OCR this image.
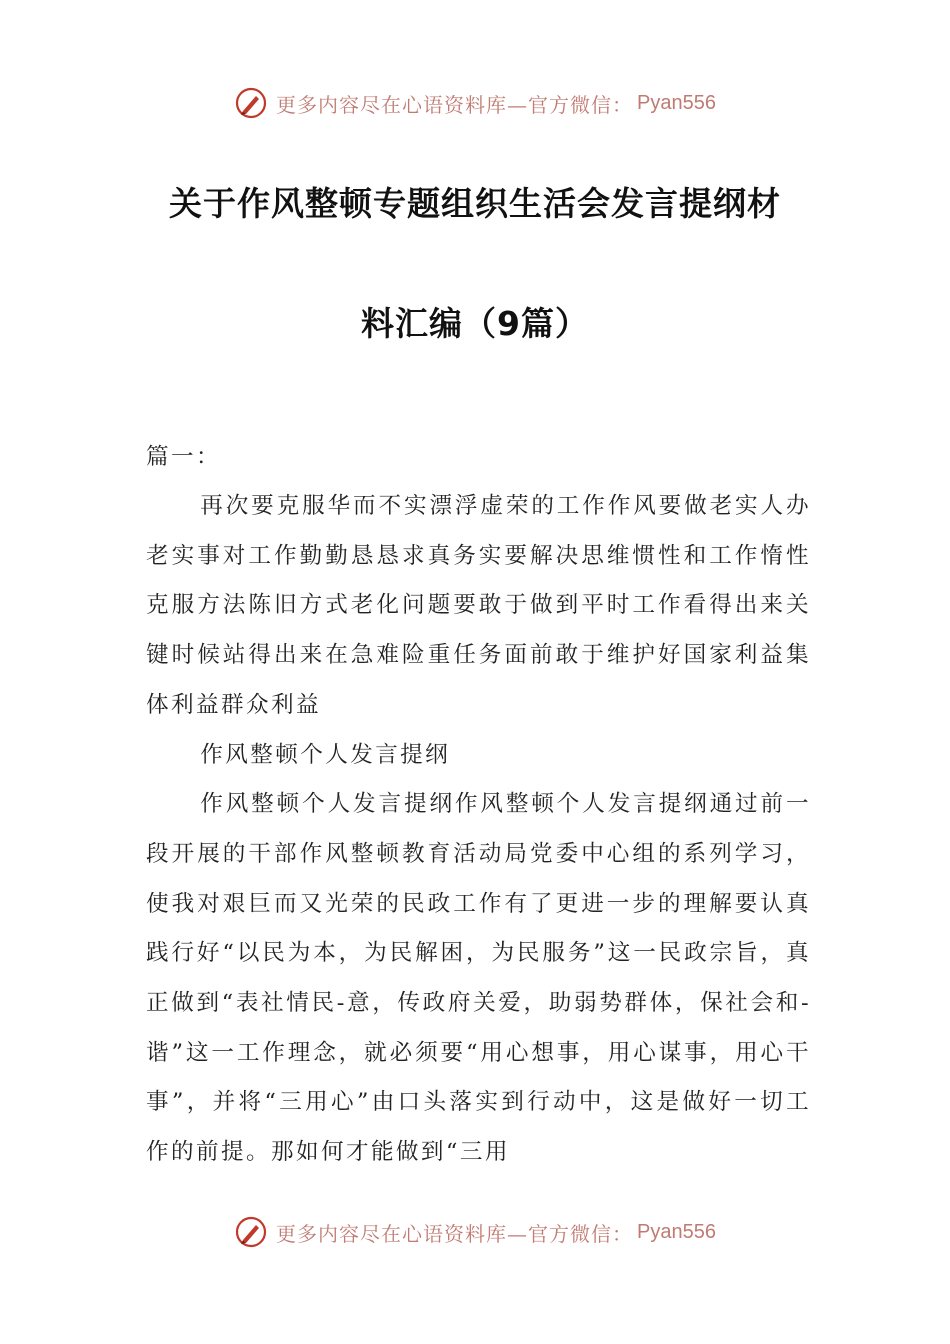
更多内容尽在心语资料库—官方微信： Pyan556
关于作风整顿专题组织生活会发言提纲材
料汇编（9篇）

篇一：

再次要克服华而不实漂浮虚荣的工作作风要做老实人办老实事对工作勤勤恳恳求真务实要解决思维惯性和工作惰性克服方法陈旧方式老化问题要敢于做到平时工作看得出来关键时候站得出来在急难险重任务面前敢于维护好国家利益集体利益群众利益

作风整顿个人发言提纲

作风整顿个人发言提纲作风整顿个人发言提纲通过前一段开展的干部作风整顿教育活动局党委中心组的系列学习，使我对艰巨而又光荣的民政工作有了更进一步的理解要认真践行好“以民为本，为民解困，为民服务”这一民政宗旨，真正做到“表社情民-意，传政府关爱，助弱势群体，保社会和-谐”这一工作理念，就必须要“用心想事，用心谋事，用心干事”，并将“三用心”由口头落实到行动中，这是做好一切工作的前提。那如何才能做到“三用

更多内容尽在心语资料库—官方微信： Pyan556
